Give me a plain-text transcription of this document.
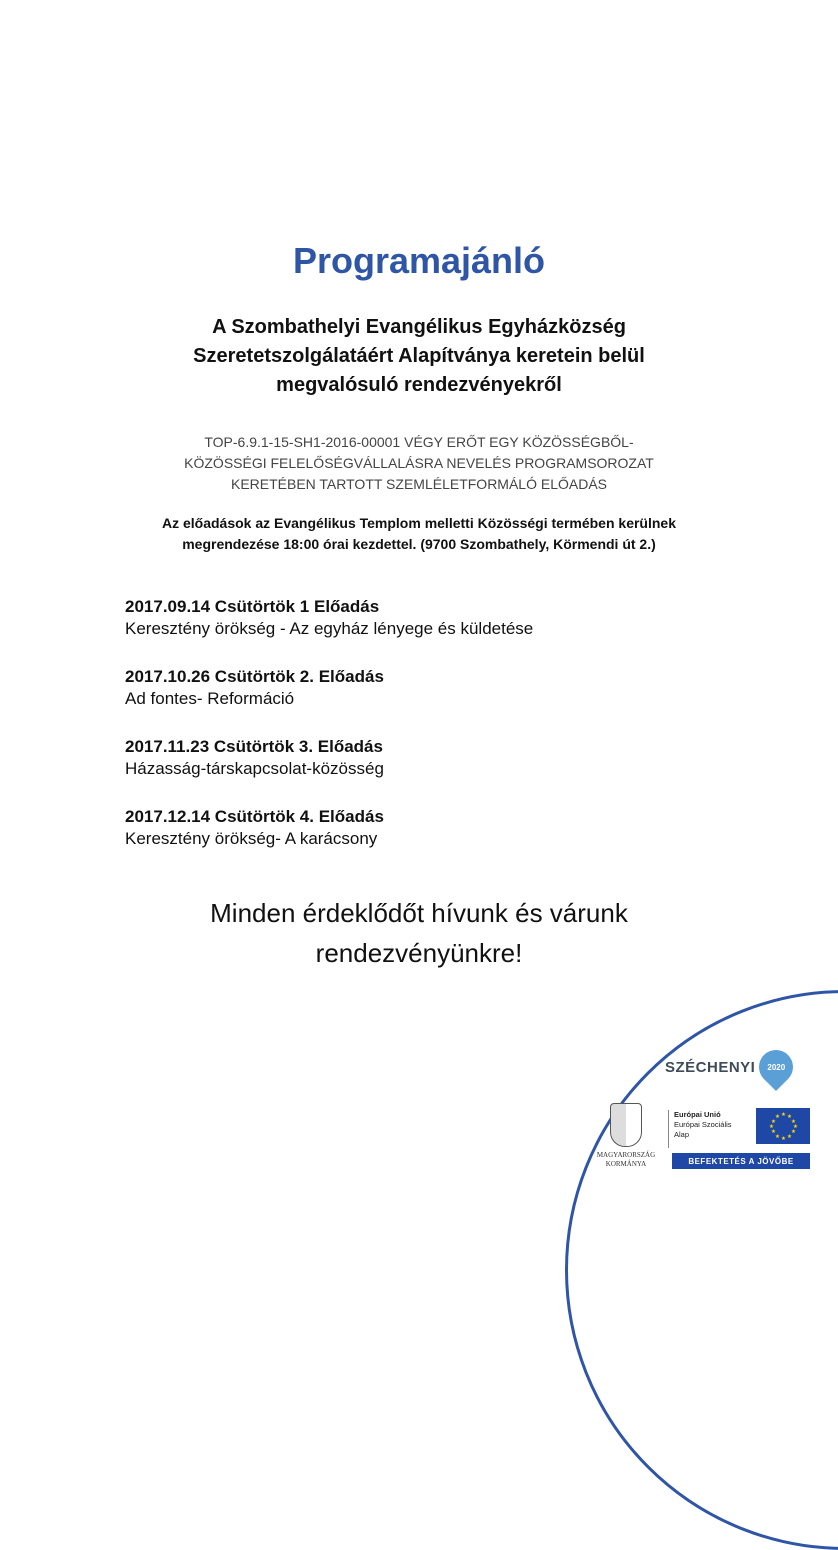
Programajánló
A Szombathelyi Evangélikus Egyházközség
Szeretetszolgálatáért Alapítványa keretein belül
megvalósuló rendezvényekről
TOP-6.9.1-15-SH1-2016-00001 VÉGY ERŐT EGY KÖZÖSSÉGBŐL-
KÖZÖSSÉGI FELELŐSÉGVÁLLALÁSRA NEVELÉS PROGRAMSOROZAT
KERETÉBEN TARTOTT SZEMLÉLETFORMÁLÓ ELŐADÁS
Az előadások az Evangélikus Templom melletti Közösségi termében kerülnek
megrendezése 18:00 órai kezdettel. (9700 Szombathely, Körmendi út 2.)
2017.09.14 Csütörtök 1 Előadás
Keresztény örökség - Az egyház lényege és küldetése
2017.10.26 Csütörtök 2. Előadás
Ad fontes- Reformáció
2017.11.23 Csütörtök 3. Előadás
Házasság-társkapcsolat-közösség
2017.12.14 Csütörtök 4. Előadás
Keresztény örökség- A karácsony
Minden érdeklődőt hívunk és várunk
rendezvényünkre!
SZÉCHENYI 2020
MAGYARORSZÁG
KORMÁNYA
Európai Unió
Európai Szociális
Alap
★ ★
★
★
★
★
★
★
★
★
★
★
BEFEKTETÉS A JÖVŐBE
